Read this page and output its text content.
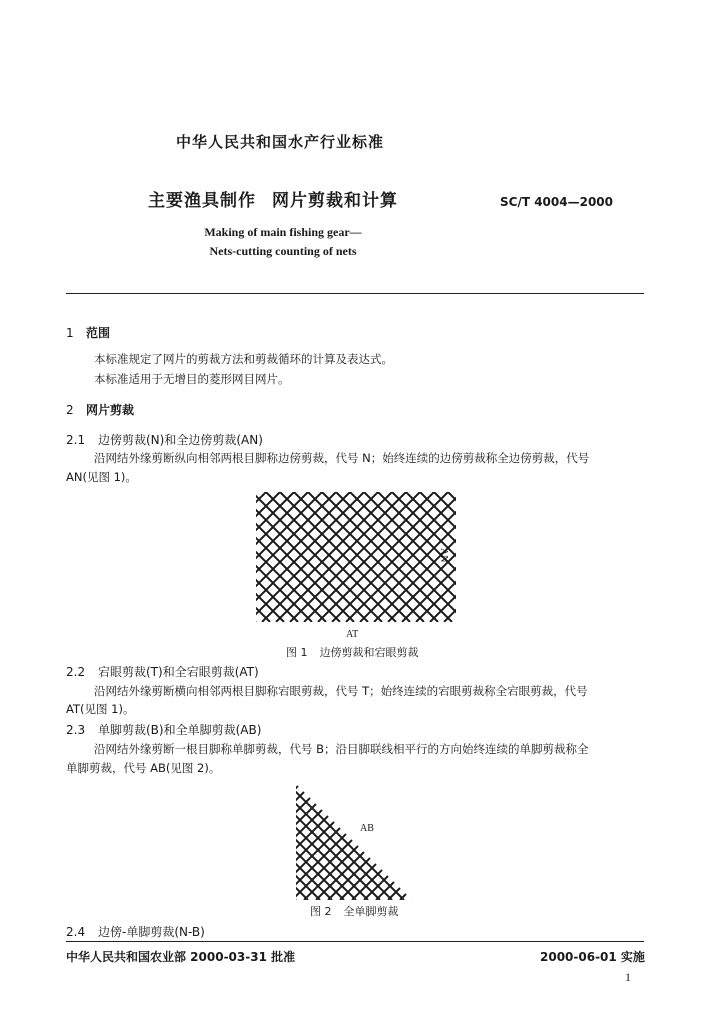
中华人民共和国水产行业标准
主要渔具制作 网片剪裁和计算	SC/T 4004—2000
Making of main fishing gear—
Nets-cutting counting of nets
1 范围
本标准规定了网片的剪裁方法和剪裁循环的计算及表达式。
本标准适用于无增目的菱形网目网片。
2 网片剪裁
2.1 边傍剪裁(N)和全边傍剪裁(AN)
沿网结外缘剪断纵向相邻两根目脚称边傍剪裁，代号 N；始终连续的边傍剪裁称全边傍剪裁，代号
AN(见图 1)。
AN
AT
图 1 边傍剪裁和宕眼剪裁
2.2 宕眼剪裁(T)和全宕眼剪裁(AT)
沿网结外缘剪断横向相邻两根目脚称宕眼剪裁，代号 T；始终连续的宕眼剪裁称全宕眼剪裁，代号
AT(见图 1)。
2.3 单脚剪裁(B)和全单脚剪裁(AB)
沿网结外缘剪断一根目脚称单脚剪裁，代号 B；沿目脚联线相平行的方向始终连续的单脚剪裁称全
单脚剪裁，代号 AB(见图 2)。
AB
图 2 全单脚剪裁
2.4 边傍-单脚剪裁(N-B)
中华人民共和国农业部 2000-03-31 批准	2000-06-01 实施
1
